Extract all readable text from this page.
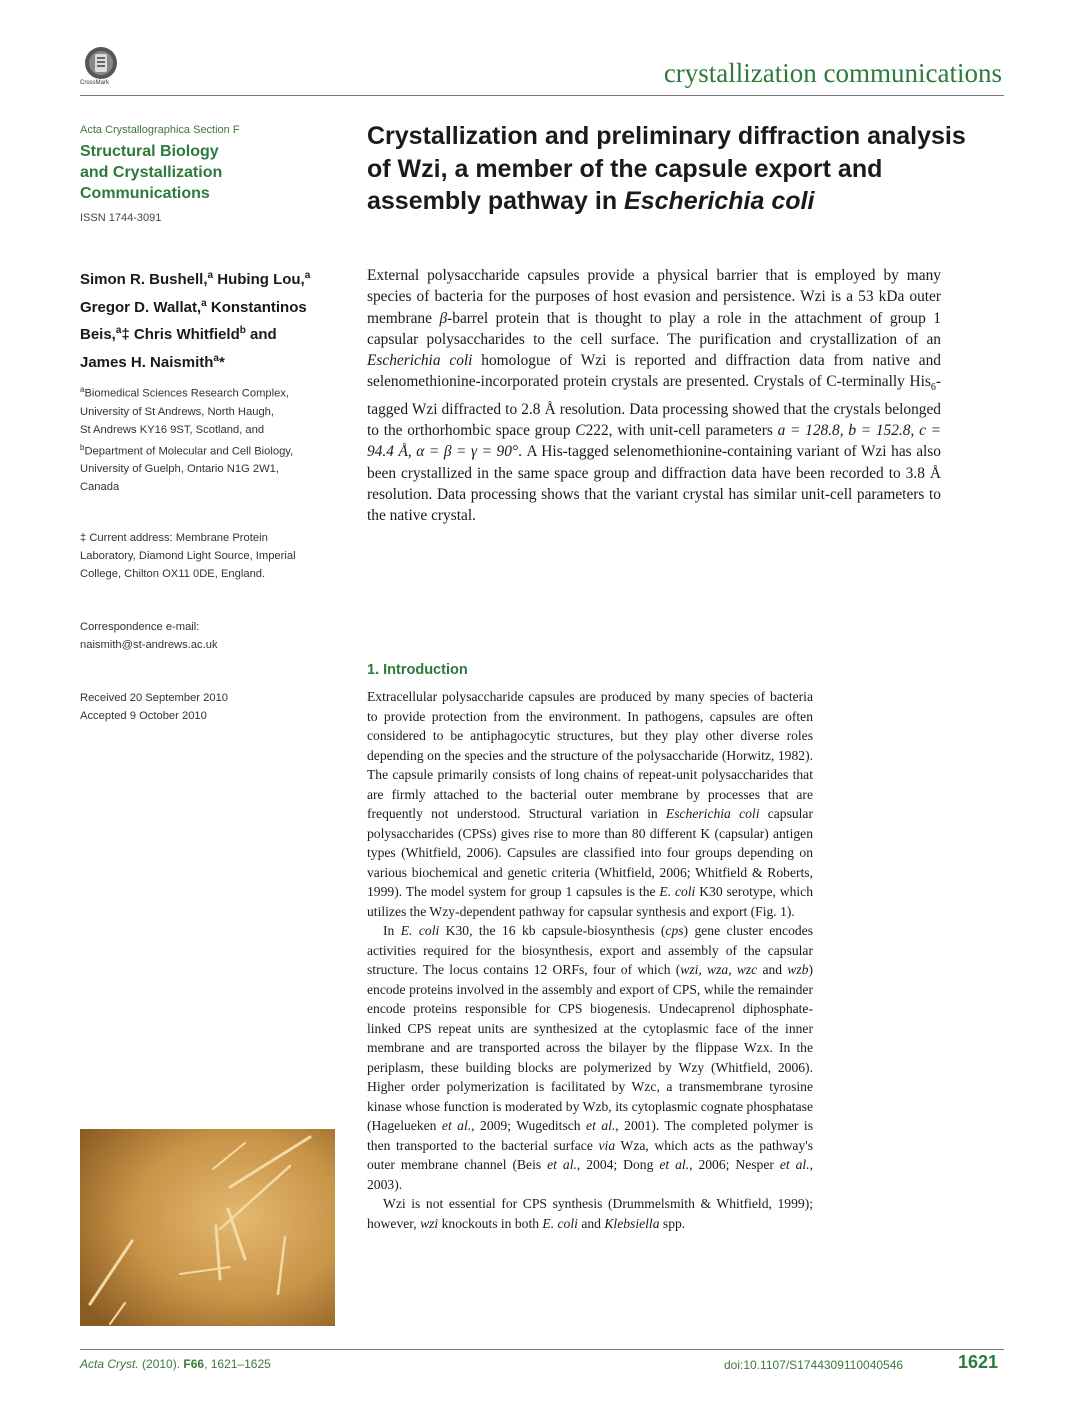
CrossMark	crystallization communications
Acta Crystallographica Section F
Structural Biology
and Crystallization
Communications
ISSN 1744-3091
Simon R. Bushell,$^a$ Hubing Lou,$^a$
Gregor D. Wallat,$^a$ Konstantinos
Beis,$^a$‡ Chris Whitfield$^b$ and
James H. Naismith$^a$*
$^a$Biomedical Sciences Research Complex,
University of St Andrews, North Haugh,
St Andrews KY16 9ST, Scotland, and
$^b$Department of Molecular and Cell Biology,
University of Guelph, Ontario N1G 2W1,
Canada
‡ Current address: Membrane Protein
Laboratory, Diamond Light Source, Imperial
College, Chilton OX11 0DE, England.
Correspondence e-mail:
naismith@st-andrews.ac.uk
Received 20 September 2010
Accepted 9 October 2010
Crystallization and preliminary diffraction analysis
of Wzi, a member of the capsule export and
assembly pathway in Escherichia coli
External polysaccharide capsules provide a physical barrier that is employed by many species of bacteria for the purposes of host evasion and persistence. Wzi is a 53 kDa outer membrane β-barrel protein that is thought to play a role in the attachment of group 1 capsular polysaccharides to the cell surface. The purification and crystallization of an Escherichia coli homologue of Wzi is reported and diffraction data from native and selenomethionine-incorporated protein crystals are presented. Crystals of C-terminally His$_6$-tagged Wzi diffracted to 2.8 Å resolution. Data processing showed that the crystals belonged to the orthorhombic space group C222, with unit-cell parameters a = 128.8, b = 152.8, c = 94.4 Å, α = β = γ = 90°. A His-tagged selenomethionine-containing variant of Wzi has also been crystallized in the same space group and diffraction data have been recorded to 3.8 Å resolution. Data processing shows that the variant crystal has similar unit-cell parameters to the native crystal.
1. Introduction

Extracellular polysaccharide capsules are produced by many species of bacteria to provide protection from the environment. In pathogens, capsules are often considered to be antiphagocytic structures, but they play other diverse roles depending on the species and the structure of the polysaccharide (Horwitz, 1982). The capsule primarily consists of long chains of repeat-unit polysaccharides that are firmly attached to the bacterial outer membrane by processes that are frequently not understood. Structural variation in Escherichia coli capsular polysaccharides (CPSs) gives rise to more than 80 different K (capsular) antigen types (Whitfield, 2006). Capsules are classified into four groups depending on various biochemical and genetic criteria (Whitfield, 2006; Whitfield & Roberts, 1999). The model system for group 1 capsules is the E. coli K30 serotype, which utilizes the Wzy-dependent pathway for capsular synthesis and export (Fig. 1).

In E. coli K30, the 16 kb capsule-biosynthesis (cps) gene cluster encodes activities required for the biosynthesis, export and assembly of the capsular structure. The locus contains 12 ORFs, four of which (wzi, wza, wzc and wzb) encode proteins involved in the assembly and export of CPS, while the remainder encode proteins responsible for CPS biogenesis. Undecaprenol diphosphate-linked CPS repeat units are synthesized at the cytoplasmic face of the inner membrane and are transported across the bilayer by the flippase Wzx. In the periplasm, these building blocks are polymerized by Wzy (Whitfield, 2006). Higher order polymerization is facilitated by Wzc, a transmembrane tyrosine kinase whose function is moderated by Wzb, its cytoplasmic cognate phosphatase (Hagelueken et al., 2009; Wugeditsch et al., 2001). The completed polymer is then transported to the bacterial surface via Wza, which acts as the pathway's outer membrane channel (Beis et al., 2004; Dong et al., 2006; Nesper et al., 2003).

Wzi is not essential for CPS synthesis (Drummelsmith & Whitfield, 1999); however, wzi knockouts in both E. coli and Klebsiella spp.

Acta Cryst. (2010). F66, 1621–1625	doi:10.1107/S1744309110040546	1621
